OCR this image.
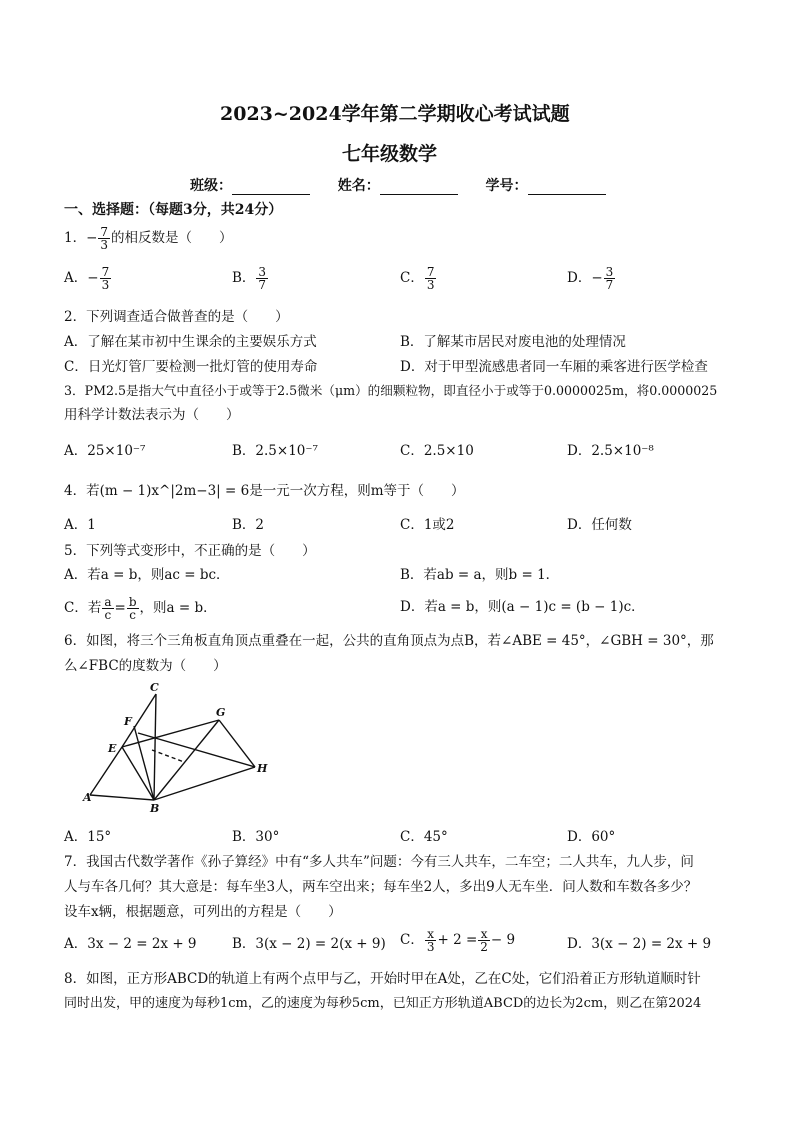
2023~2024学年第二学期收心考试试题
七年级数学
班级：	姓名：	学号：
一、选择题：（每题3分，共24分）
1．− $\frac{7}{3}$ 的相反数是（　　）
A．− $\frac{7}{3}$	B． $\frac{3}{7}$	C． $\frac{7}{3}$	D．− $\frac{3}{7}$
2．下列调查适合做普查的是（　　）
A．了解在某市初中生课余的主要娱乐方式	B．了解某市居民对废电池的处理情况
C．日光灯管厂要检测一批灯管的使用寿命	D．对于甲型流感患者同一车厢的乘客进行医学检查
3．PM2.5是指大气中直径小于或等于2.5微米（μm）的细颗粒物，即直径小于或等于0.0000025m，将0.0000025
用科学计数法表示为（　　）
A．25×10⁻⁷	B．2.5×10⁻⁷	C．2.5×10	D．2.5×10⁻⁸
4．若(m − 1)x^|2m−3| = 6是一元一次方程，则m等于（　　）
A．1	B．2	C．1或2	D．任何数
5．下列等式变形中，不正确的是（　　）
A．若a = b，则ac = bc．	B．若ab = a，则b = 1．
C．若 $\frac{a}{c} = \frac{b}{c}$ ，则a = b．	D．若a = b，则(a − 1)c = (b − 1)c．
6．如图，将三个三角板直角顶点重叠在一起，公共的直角顶点为点B，若∠ABE = 45°，∠GBH = 30°，那
么∠FBC的度数为（　　）
C
F
G
E
H
A
B
A．15°	B．30°	C．45°	D．60°
7．我国古代数学著作《孙子算经》中有“多人共车”问题：今有三人共车，二车空；二人共车，九人步，问
人与车各几何？其大意是：每车坐3人，两车空出来；每车坐2人，多出9人无车坐．问人数和车数各多少？
设车x辆，根据题意，可列出的方程是（　　）
A．3x − 2 = 2x + 9	B．3(x − 2) = 2(x + 9) C． $\frac{x}{3} + 2 = \frac{x}{2} - 9$	D．3(x − 2) = 2x + 9
8．如图，正方形ABCD的轨道上有两个点甲与乙，开始时甲在A处，乙在C处，它们沿着正方形轨道顺时针
同时出发，甲的速度为每秒1cm，乙的速度为每秒5cm，已知正方形轨道ABCD的边长为2cm，则乙在第2024
